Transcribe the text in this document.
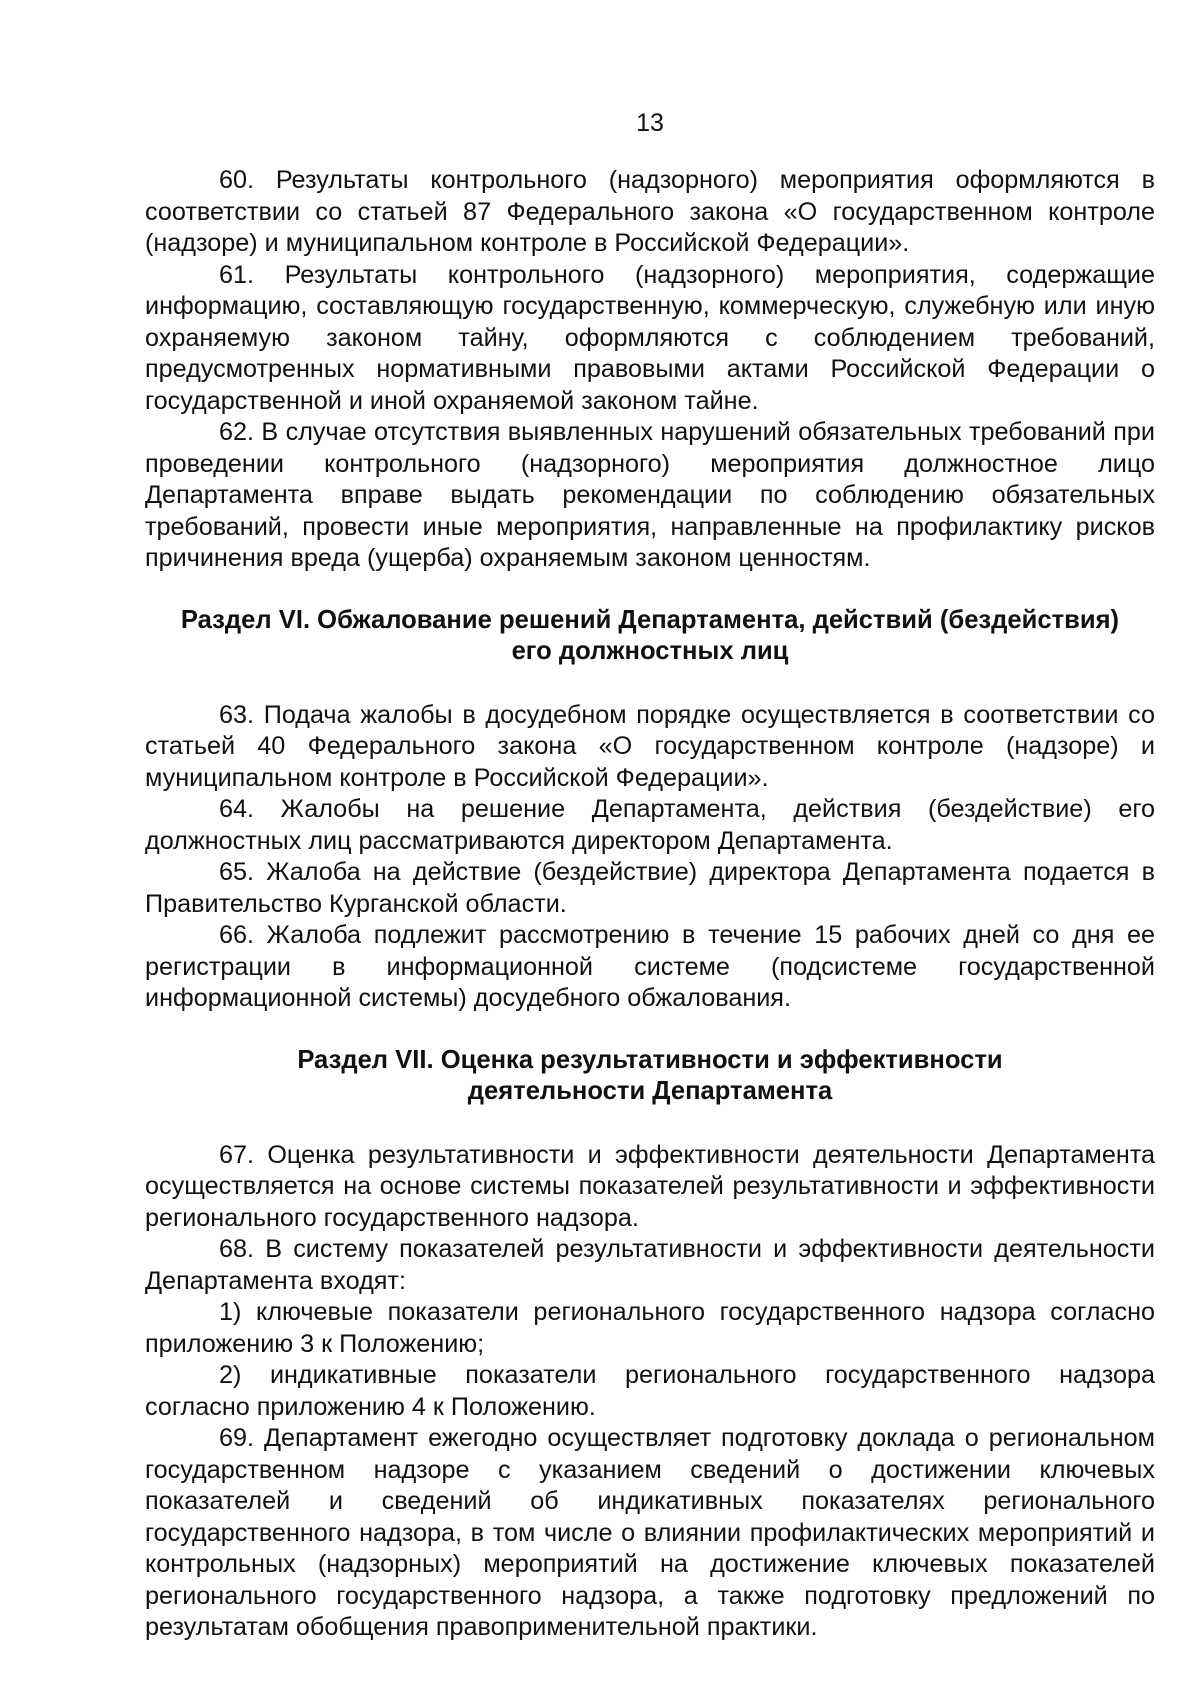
13

60. Результаты контрольного (надзорного) мероприятия оформляются в соответствии со статьей 87 Федерального закона «О государственном контроле (надзоре) и муниципальном контроле в Российской Федерации».

61. Результаты контрольного (надзорного) мероприятия, содержащие информацию, составляющую государственную, коммерческую, служебную или иную охраняемую законом тайну, оформляются с соблюдением требований, предусмотренных нормативными правовыми актами Российской Федерации о государственной и иной охраняемой законом тайне.

62. В случае отсутствия выявленных нарушений обязательных требований при проведении контрольного (надзорного) мероприятия должностное лицо Департамента вправе выдать рекомендации по соблюдению обязательных требований, провести иные мероприятия, направленные на профилактику рисков причинения вреда (ущерба) охраняемым законом ценностям.

Раздел VI. Обжалование решений Департамента, действий (бездействия)
его должностных лиц

63. Подача жалобы в досудебном порядке осуществляется в соответствии со статьей 40 Федерального закона «О государственном контроле (надзоре) и муниципальном контроле в Российской Федерации».

64. Жалобы на решение Департамента, действия (бездействие) его должностных лиц рассматриваются директором Департамента.

65. Жалоба на действие (бездействие) директора Департамента подается в Правительство Курганской области.

66. Жалоба подлежит рассмотрению в течение 15 рабочих дней со дня ее регистрации в информационной системе (подсистеме государственной информационной системы) досудебного обжалования.

Раздел VII. Оценка результативности и эффективности
деятельности Департамента

67. Оценка результативности и эффективности деятельности Департамента осуществляется на основе системы показателей результативности и эффективности регионального государственного надзора.

68. В систему показателей результативности и эффективности деятельности Департамента входят:

1) ключевые показатели регионального государственного надзора согласно приложению 3 к Положению;

2) индикативные показатели регионального государственного надзора согласно приложению 4 к Положению.

69. Департамент ежегодно осуществляет подготовку доклада о региональном государственном надзоре с указанием сведений о достижении ключевых показателей и сведений об индикативных показателях регионального государственного надзора, в том числе о влиянии профилактических мероприятий и контрольных (надзорных) мероприятий на достижение ключевых показателей регионального государственного надзора, а также подготовку предложений по результатам обобщения правоприменительной практики.
